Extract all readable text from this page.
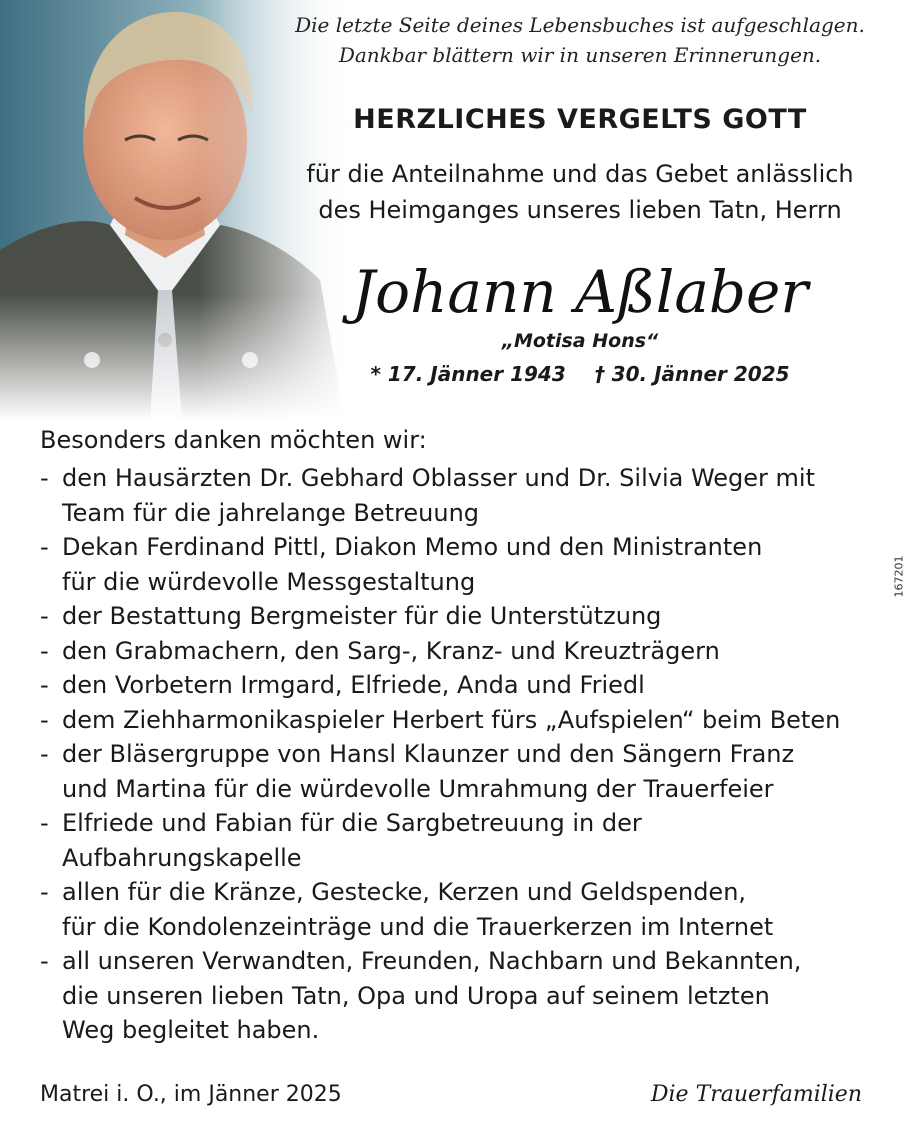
Die letzte Seite deines Lebensbuches ist aufgeschlagen.
Dankbar blättern wir in unseren Erinnerungen.
HERZLICHES VERGELTS GOTT
für die Anteilnahme und das Gebet anlässlich
des Heimganges unseres lieben Tatn, Herrn
Johann Aßlaber
„Motisa Hons“
* 17. Jänner 1943 † 30. Jänner 2025
Besonders danken möchten wir:
- den Hausärzten Dr. Gebhard Oblasser und Dr. Silvia Weger mit
Team für die jahrelange Betreuung
- Dekan Ferdinand Pittl, Diakon Memo und den Ministranten
für die würdevolle Messgestaltung
- der Bestattung Bergmeister für die Unterstützung
- den Grabmachern, den Sarg-, Kranz- und Kreuzträgern
- den Vorbetern Irmgard, Elfriede, Anda und Friedl
- dem Ziehharmonikaspieler Herbert fürs „Aufspielen“ beim Beten
- der Bläsergruppe von Hansl Klaunzer und den Sängern Franz
und Martina für die würdevolle Umrahmung der Trauerfeier
- Elfriede und Fabian für die Sargbetreuung in der
Aufbahrungskapelle
- allen für die Kränze, Gestecke, Kerzen und Geldspenden,
für die Kondolenzeinträge und die Trauerkerzen im Internet
- all unseren Verwandten, Freunden, Nachbarn und Bekannten,
die unseren lieben Tatn, Opa und Uropa auf seinem letzten
Weg begleitet haben.
Matrei i. O., im Jänner 2025	Die Trauerfamilien
167201
